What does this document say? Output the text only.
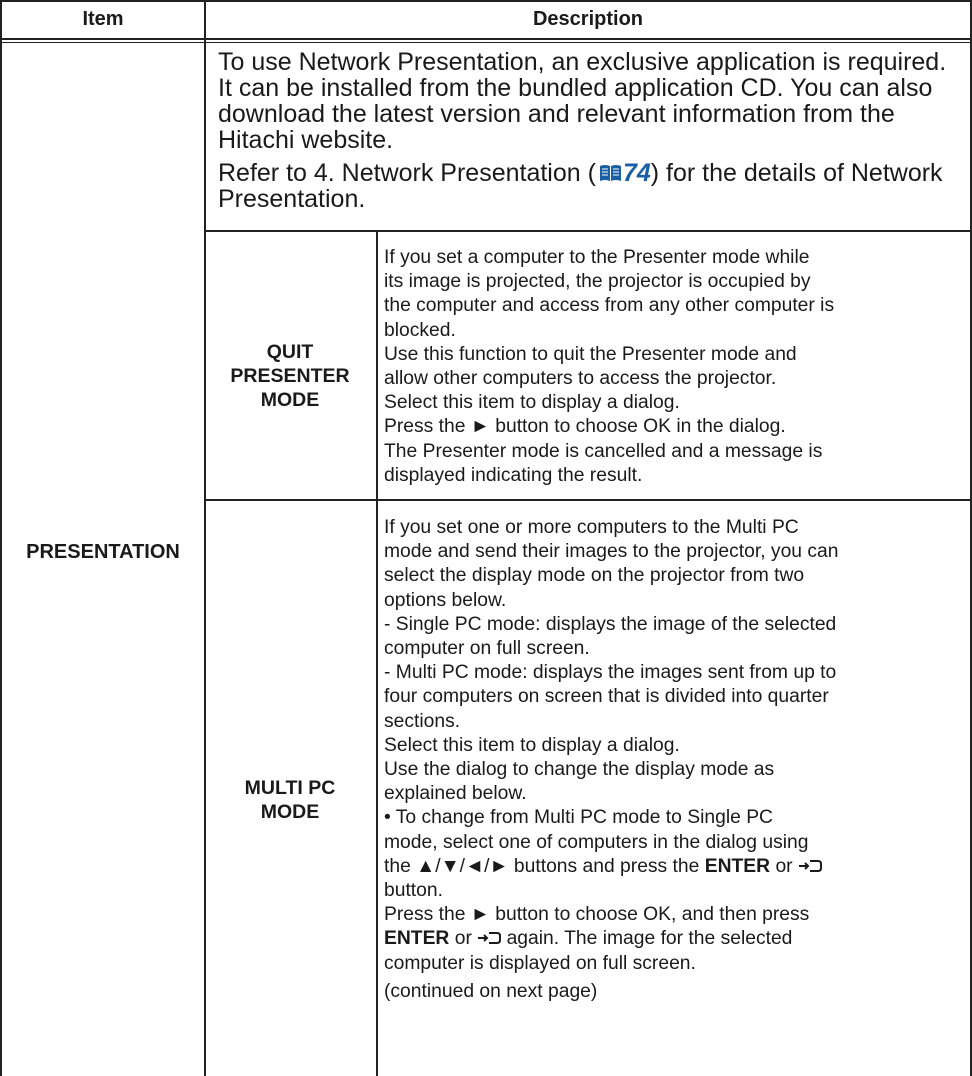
Item	Description
PRESENTATION

To use Network Presentation, an exclusive application is required. It can be installed from the bundled application CD. You can also download the latest version and relevant information from the Hitachi website.

Refer to 4. Network Presentation ( 74) for the details of Network Presentation.

QUIT
PRESENTER
MODE
If you set a computer to the Presenter mode while
its image is projected, the projector is occupied by
the computer and access from any other computer is
blocked.
Use this function to quit the Presenter mode and
allow other computers to access the projector.
Select this item to display a dialog.
Press the ► button to choose OK in the dialog.
The Presenter mode is cancelled and a message is
displayed indicating the result.
MULTI PC
MODE
If you set one or more computers to the Multi PC
mode and send their images to the projector, you can
select the display mode on the projector from two
options below.
- Single PC mode: displays the image of the selected
computer on full screen.
- Multi PC mode: displays the images sent from up to
four computers on screen that is divided into quarter
sections.
Select this item to display a dialog.
Use the dialog to change the display mode as
explained below.
• To change from Multi PC mode to Single PC
mode, select one of computers in the dialog using
the ▲/▼/◄/► buttons and press the ENTER or
button.
Press the ► button to choose OK, and then press
ENTER or  again. The image for the selected
computer is displayed on full screen.
(continued on next page)
